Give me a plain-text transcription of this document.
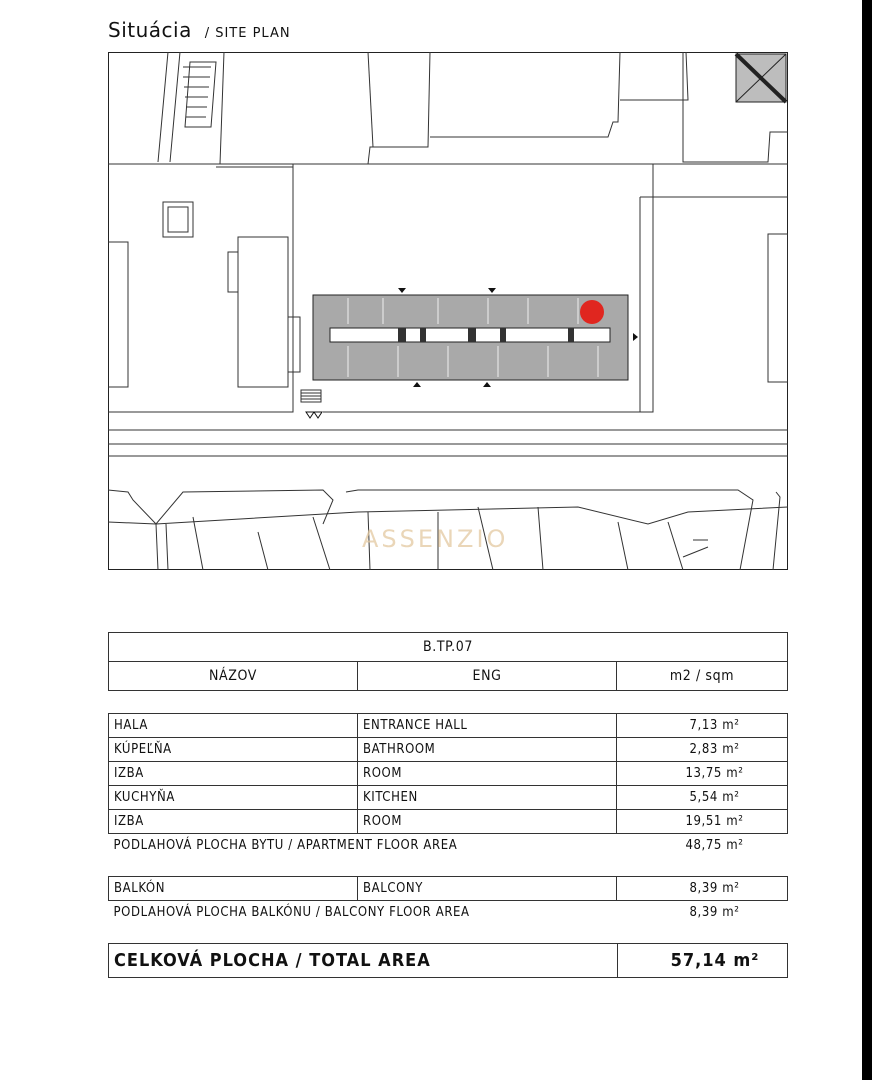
Situácia / SITE PLAN
ASSENZIO
B.TP.07
NÁZOV	ENG	m2 / sqm
HALA	ENTRANCE HALL	7,13 m²
KÚPEĽŇA	BATHROOM	2,83 m²
IZBA	ROOM	13,75 m²
KUCHYŇA	KITCHEN	5,54 m²
IZBA	ROOM	19,51 m²
PODLAHOVÁ PLOCHA BYTU / APARTMENT FLOOR AREA		48,75 m²
BALKÓN	BALCONY	8,39 m²
PODLAHOVÁ PLOCHA BALKÓNU / BALCONY FLOOR AREA		8,39 m²
CELKOVÁ PLOCHA / TOTAL AREA	57,14 m²
